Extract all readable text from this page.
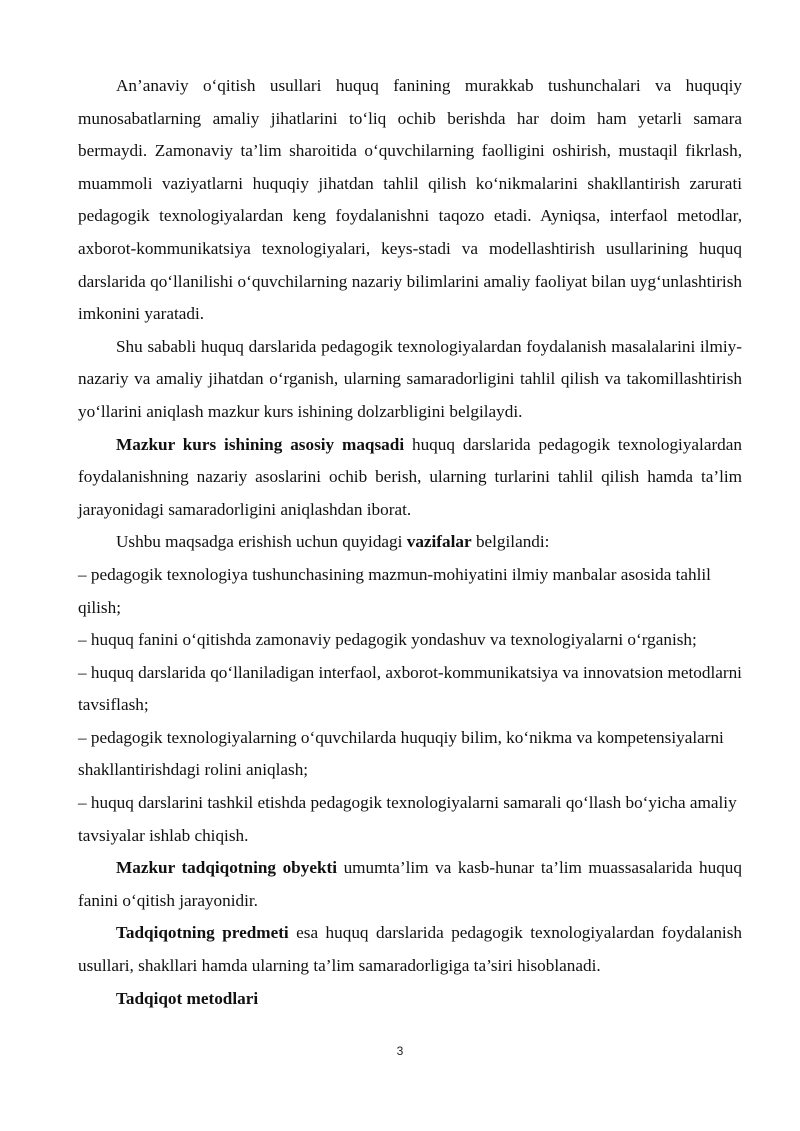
An’anaviy o‘qitish usullari huquq fanining murakkab tushunchalari va huquqiy munosabatlarning amaliy jihatlarini to‘liq ochib berishda har doim ham yetarli samara bermaydi. Zamonaviy ta’lim sharoitida o‘quvchilarning faolligini oshirish, mustaqil fikrlash, muammoli vaziyatlarni huquqiy jihatdan tahlil qilish ko‘nikmalarini shakllantirish zarurati pedagogik texnologiyalardan keng foydalanishni taqozo etadi. Ayniqsa, interfaol metodlar, axborot-kommunikatsiya texnologiyalari, keys-stadi va modellashtirish usullarining huquq darslarida qo‘llanilishi o‘quvchilarning nazariy bilimlarini amaliy faoliyat bilan uyg‘unlashtirish imkonini yaratadi.

Shu sababli huquq darslarida pedagogik texnologiyalardan foydalanish masalalarini ilmiy-nazariy va amaliy jihatdan o‘rganish, ularning samaradorligini tahlil qilish va takomillashtirish yo‘llarini aniqlash mazkur kurs ishining dolzarbligini belgilaydi.

Mazkur kurs ishining asosiy maqsadi huquq darslarida pedagogik texnologiyalardan foydalanishning nazariy asoslarini ochib berish, ularning turlarini tahlil qilish hamda ta’lim jarayonidagi samaradorligini aniqlashdan iborat.

Ushbu maqsadga erishish uchun quyidagi vazifalar belgilandi:

– pedagogik texnologiya tushunchasining mazmun-mohiyatini ilmiy manbalar asosida tahlil qilish;

– huquq fanini o‘qitishda zamonaviy pedagogik yondashuv va texnologiyalarni o‘rganish;

– huquq darslarida qo‘llaniladigan interfaol, axborot-kommunikatsiya va innovatsion metodlarni tavsiflash;

– pedagogik texnologiyalarning o‘quvchilarda huquqiy bilim, ko‘nikma va kompetensiyalarni shakllantirishdagi rolini aniqlash;

– huquq darslarini tashkil etishda pedagogik texnologiyalarni samarali qo‘llash bo‘yicha amaliy tavsiyalar ishlab chiqish.

Mazkur tadqiqotning obyekti umumta’lim va kasb-hunar ta’lim muassasalarida huquq fanini o‘qitish jarayonidir.

Tadqiqotning predmeti esa huquq darslarida pedagogik texnologiyalardan foydalanish usullari, shakllari hamda ularning ta’lim samaradorligiga ta’siri hisoblanadi.

Tadqiqot metodlari

3
